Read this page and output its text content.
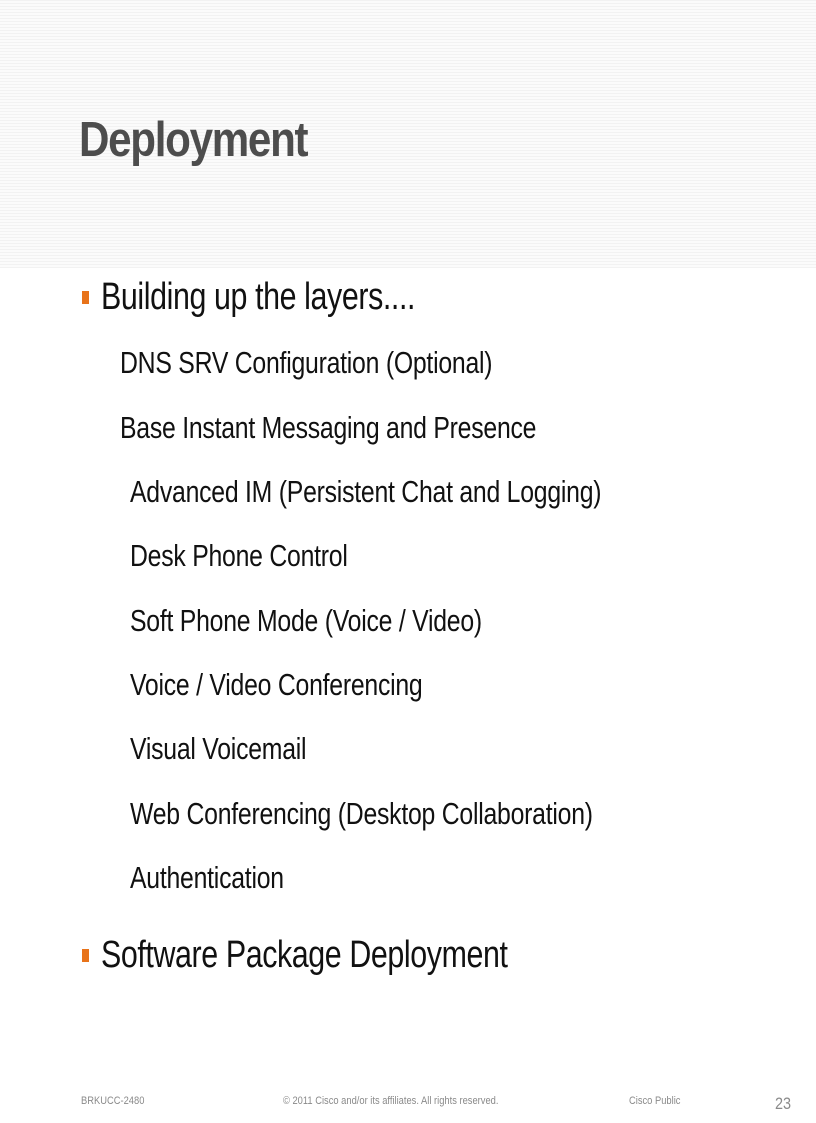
Deployment
Building up the layers....
DNS SRV Configuration (Optional)
Base Instant Messaging and Presence
Advanced IM (Persistent Chat and Logging)
Desk Phone Control
Soft Phone Mode (Voice / Video)
Voice / Video Conferencing
Visual Voicemail
Web Conferencing (Desktop Collaboration)
Authentication
Software Package Deployment
BRKUCC-2480	© 2011 Cisco and/or its affiliates. All rights reserved.	Cisco Public	23
